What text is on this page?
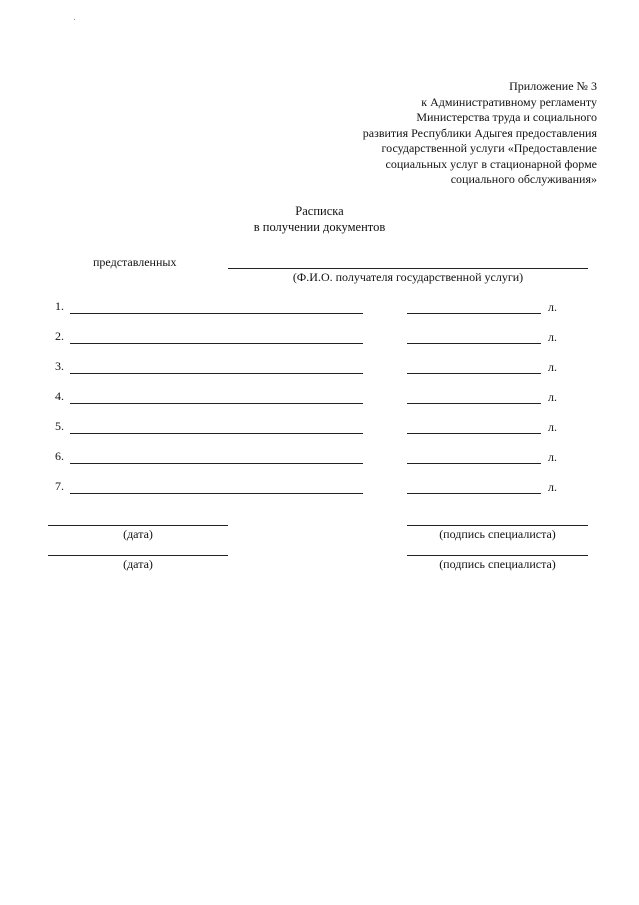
Приложение № 3
к Административному регламенту
Министерства труда и социального
развития Республики Адыгея предоставления
государственной услуги «Предоставление
социальных услуг в стационарной форме
социального обслуживания»
Расписка
в получении документов
представленных
(Ф.И.О. получателя государственной услуги)
1.	л.
2.	л.
3.	л.
4.	л.
5.	л.
6.	л.
7.	л.
(дата)	(подпись специалиста)
(дата)	(подпись специалиста)
